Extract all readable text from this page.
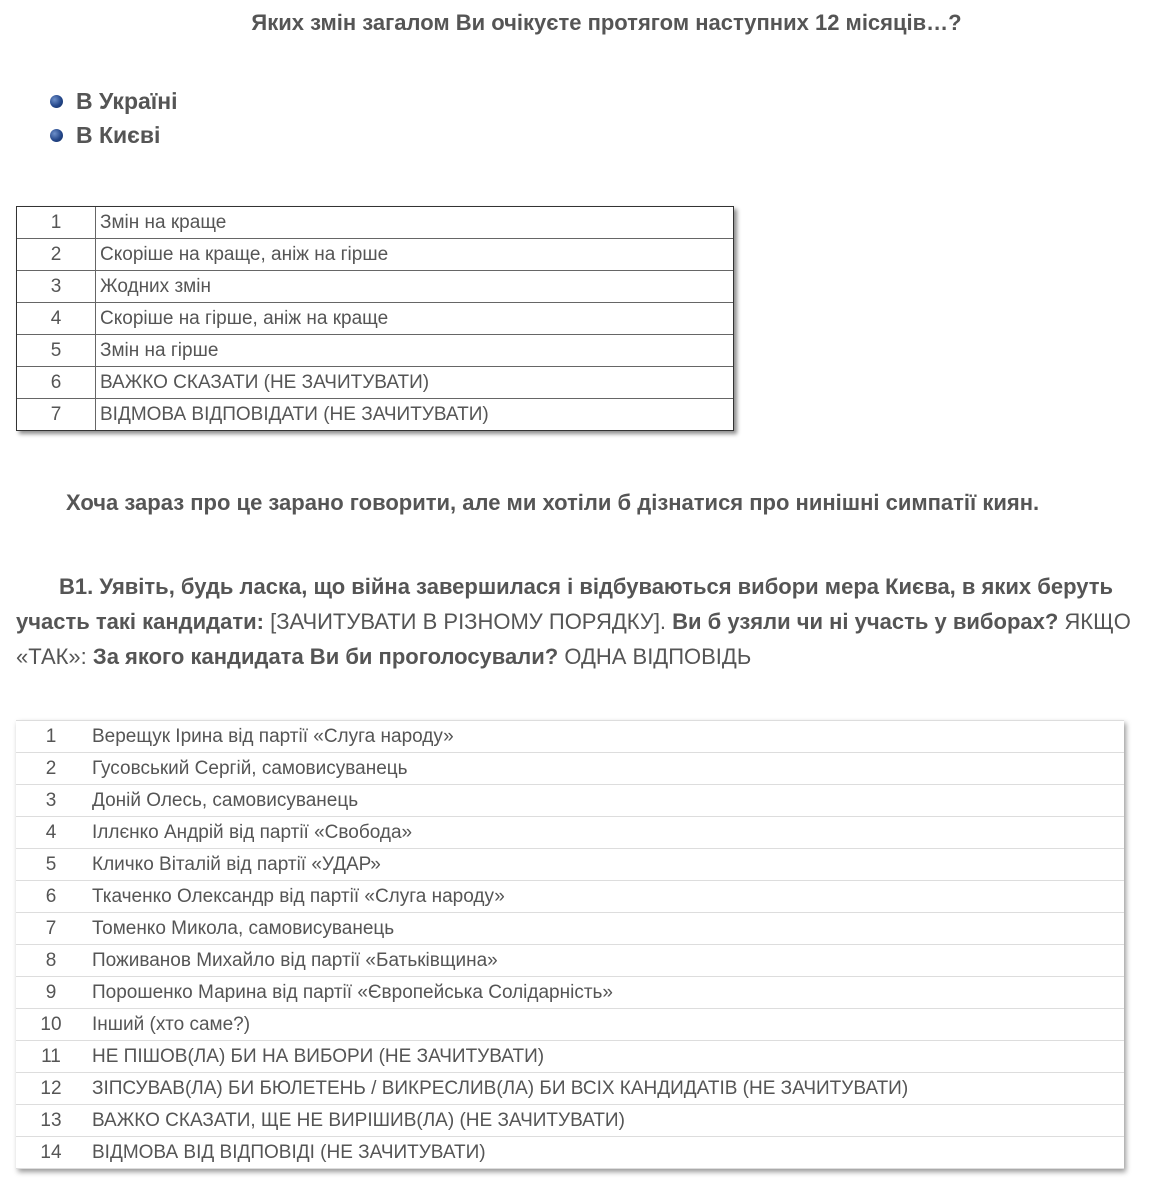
Яких змін загалом Ви очікуєте протягом наступних 12 місяців…?
В Україні
В Києві
1	Змін на краще
2	Скоріше на краще, аніж на гірше
3	Жодних змін
4	Скоріше на гірше, аніж на краще
5	Змін на гірше
6	ВАЖКО СКАЗАТИ (НЕ ЗАЧИТУВАТИ)
7	ВІДМОВА ВІДПОВІДАТИ (НЕ ЗАЧИТУВАТИ)
Хоча зараз про це зарано говорити, але ми хотіли б дізнатися про нинішні симпатії киян.
B1. Уявіть, будь ласка, що війна завершилася і відбуваються вибори мера Києва, в яких беруть участь такі кандидати: [ЗАЧИТУВАТИ В РІЗНОМУ ПОРЯДКУ]. Ви б узяли чи ні участь у виборах? ЯКЩО «ТАК»: За якого кандидата Ви би проголосували? ОДНА ВІДПОВІДЬ
1	Верещук Ірина від партії «Слуга народу»
2	Гусовський Сергій, самовисуванець
3	Доній Олесь, самовисуванець
4	Іллєнко Андрій від партії «Свобода»
5	Кличко Віталій від партії «УДАР»
6	Ткаченко Олександр від партії «Слуга народу»
7	Томенко Микола, самовисуванець
8	Поживанов Михайло від партії «Батьківщина»
9	Порошенко Марина від партії «Європейська Солідарність»
10	Інший (хто саме?)
11	НЕ ПІШОВ(ЛА) БИ НА ВИБОРИ (НЕ ЗАЧИТУВАТИ)
12	ЗІПСУВАВ(ЛА) БИ БЮЛЕТЕНЬ / ВИКРЕСЛИВ(ЛА) БИ ВСІХ КАНДИДАТІВ (НЕ ЗАЧИТУВАТИ)
13	ВАЖКО СКАЗАТИ, ЩЕ НЕ ВИРІШИВ(ЛА) (НЕ ЗАЧИТУВАТИ)
14	ВІДМОВА ВІД ВІДПОВІДІ (НЕ ЗАЧИТУВАТИ)
